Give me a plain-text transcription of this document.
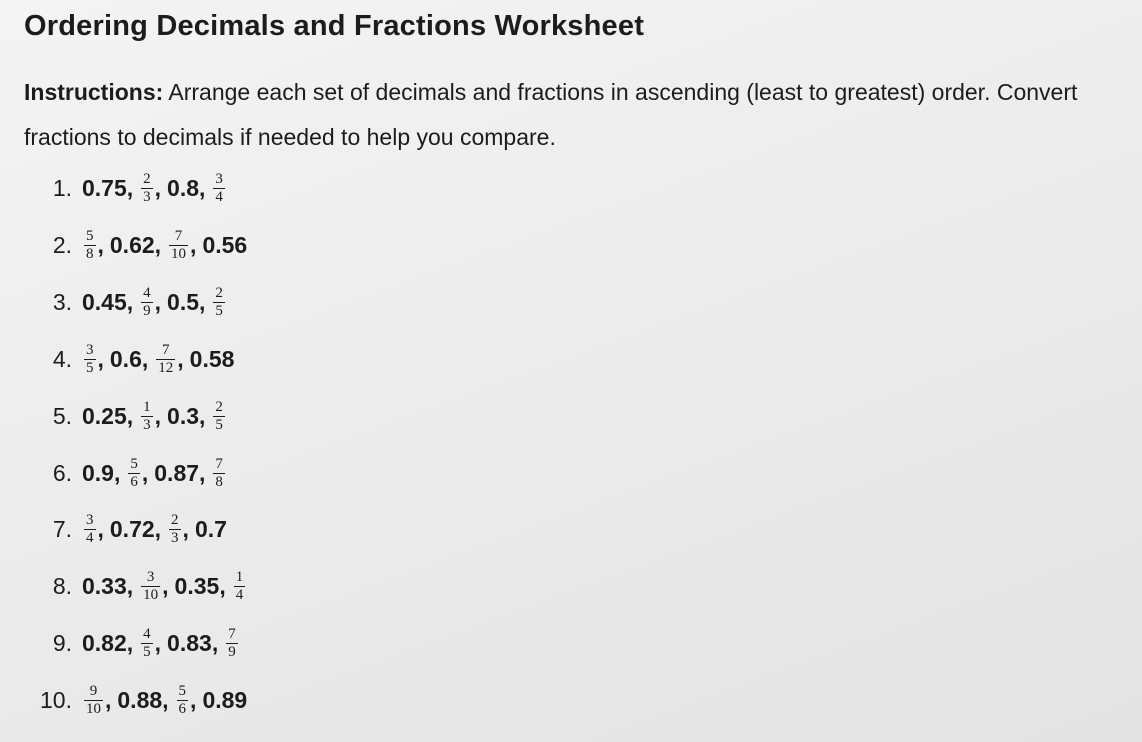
Ordering Decimals and Fractions Worksheet
Instructions: Arrange each set of decimals and fractions in ascending (least to greatest) order. Convert fractions to decimals if needed to help you compare.
1. 0.75 , $\frac{2}{3}$ , 0.8 , $\frac{3}{4}$
2. $\frac{5}{8}$ , 0.62 , $\frac{7}{10}$ , 0.56
3. 0.45 , $\frac{4}{9}$ , 0.5 , $\frac{2}{5}$
4. $\frac{3}{5}$ , 0.6 , $\frac{7}{12}$ , 0.58
5. 0.25 , $\frac{1}{3}$ , 0.3 , $\frac{2}{5}$
6. 0.9 , $\frac{5}{6}$ , 0.87 , $\frac{7}{8}$
7. $\frac{3}{4}$ , 0.72 , $\frac{2}{3}$ , 0.7
8. 0.33 , $\frac{3}{10}$ , 0.35 , $\frac{1}{4}$
9. 0.82 , $\frac{4}{5}$ , 0.83 , $\frac{7}{9}$
10. $\frac{9}{10}$ , 0.88 , $\frac{5}{6}$ , 0.89
